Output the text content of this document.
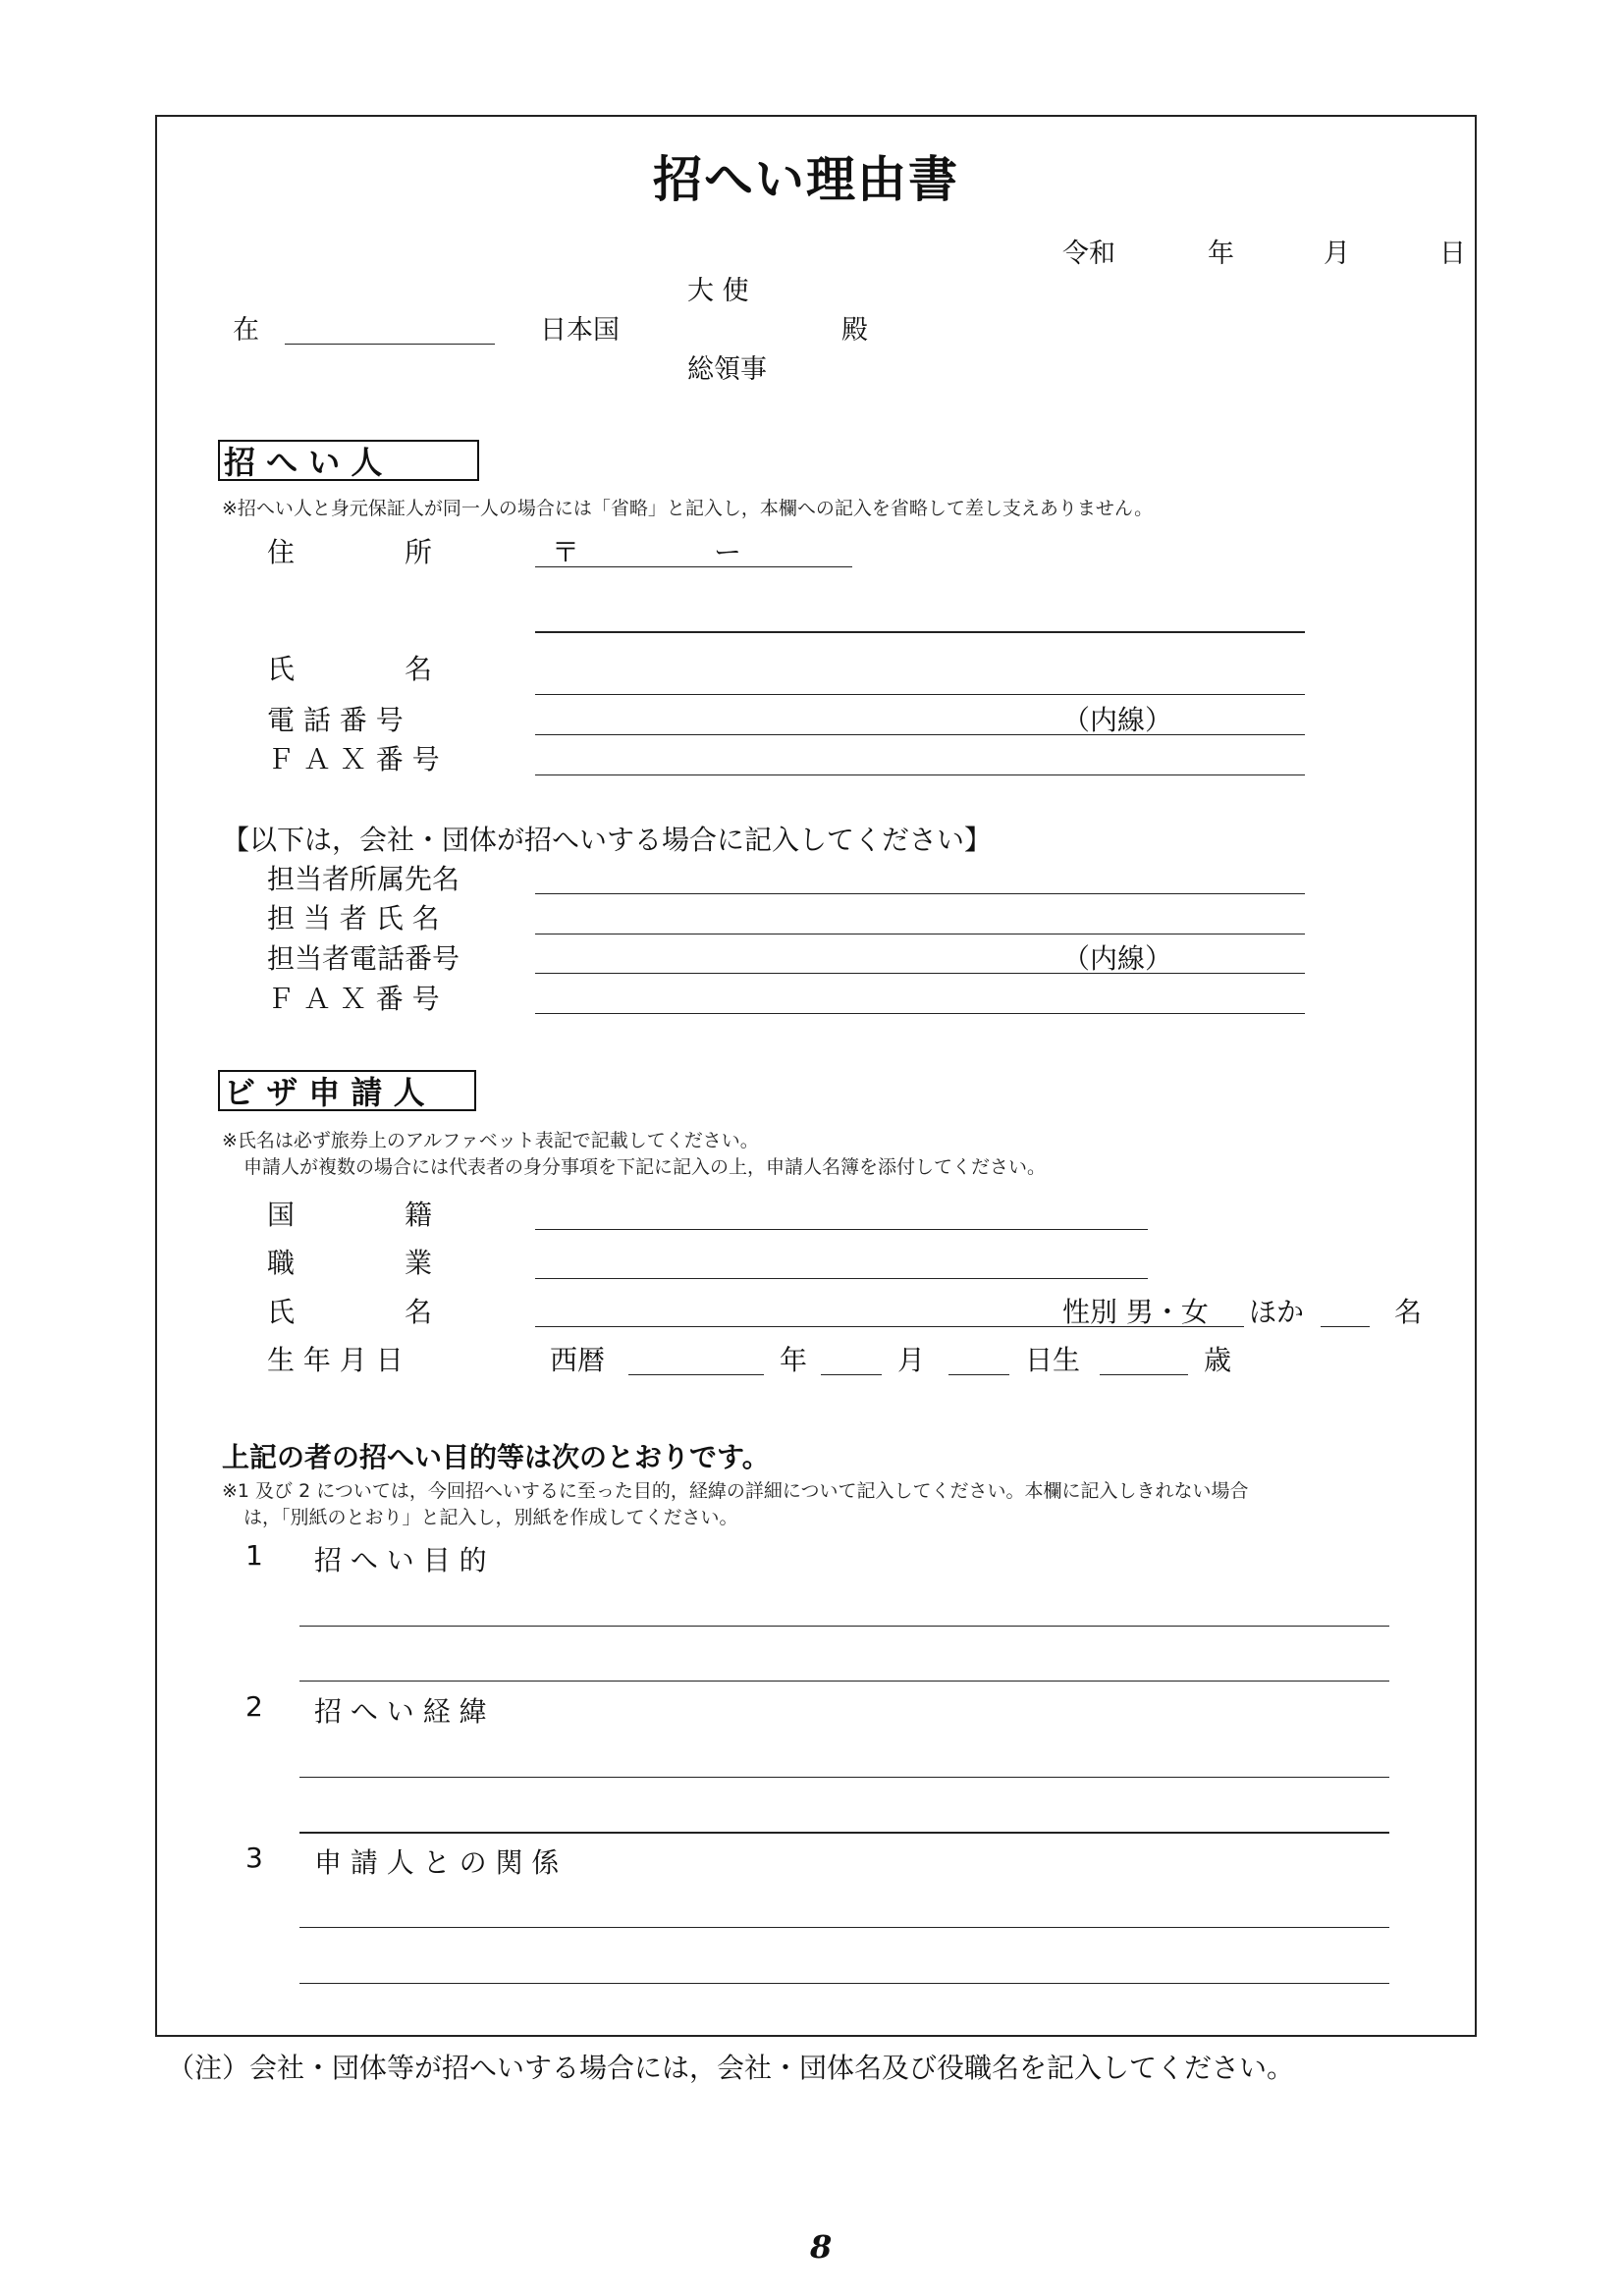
招へい理由書
令和	年	月	日
大 使
在	日本国	殿
総領事
招 へ い 人
※招へい人と身元保証人が同一人の場合には「省略」と記入し，本欄への記入を省略して差し支えありません。
住　　　　所	〒	ー
氏　　　　名
電 話 番 号	（内線）
Ｆ Ａ Ｘ 番 号
【以下は，会社・団体が招へいする場合に記入してください】
担当者所属先名
担 当 者 氏 名
担当者電話番号	（内線）
Ｆ Ａ Ｘ 番 号
ビ ザ 申 請 人
※氏名は必ず旅券上のアルファベット表記で記載してください。
申請人が複数の場合には代表者の身分事項を下記に記入の上，申請人名簿を添付してください。
国　　　　籍
職　　　　業
氏　　　　名	性別 男・女 ほか	名
生 年 月 日	西暦	年	月	日生	歳
上記の者の招へい目的等は次のとおりです。
※1 及び 2 については，今回招へいするに至った目的，経緯の詳細について記入してください。本欄に記入しきれない場合
は，「別紙のとおり」と記入し，別紙を作成してください。
1 招 へ い 目 的
2 招 へ い 経 緯
3 申 請 人 と の 関 係
（注）会社・団体等が招へいする場合には，会社・団体名及び役職名を記入してください。
8
